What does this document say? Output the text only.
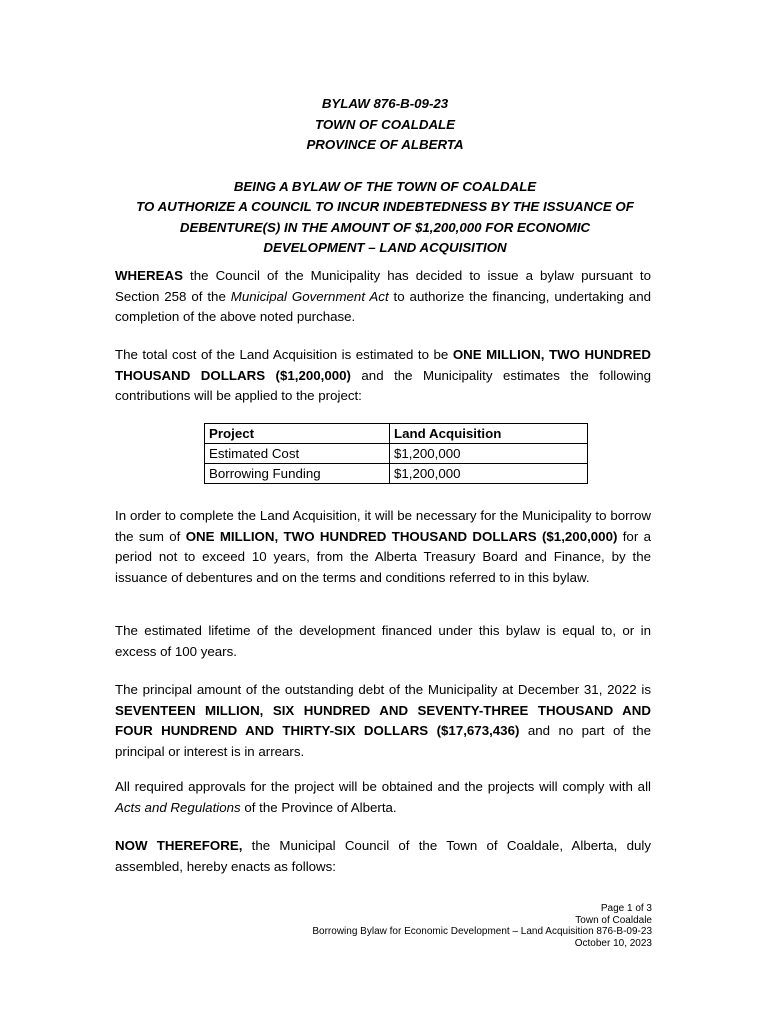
BYLAW 876-B-09-23
TOWN OF COALDALE
PROVINCE OF ALBERTA
BEING A BYLAW OF THE TOWN OF COALDALE
TO AUTHORIZE A COUNCIL TO INCUR INDEBTEDNESS BY THE ISSUANCE OF
DEBENTURE(S) IN THE AMOUNT OF $1,200,000 FOR ECONOMIC
DEVELOPMENT – LAND ACQUISITION
WHEREAS the Council of the Municipality has decided to issue a bylaw pursuant to Section 258 of the Municipal Government Act to authorize the financing, undertaking and completion of the above noted purchase.
The total cost of the Land Acquisition is estimated to be ONE MILLION, TWO HUNDRED THOUSAND DOLLARS ($1,200,000) and the Municipality estimates the following contributions will be applied to the project:
Project	Land Acquisition
Estimated Cost	$1,200,000
Borrowing Funding	$1,200,000
In order to complete the Land Acquisition, it will be necessary for the Municipality to borrow the sum of ONE MILLION, TWO HUNDRED THOUSAND DOLLARS ($1,200,000) for a period not to exceed 10 years, from the Alberta Treasury Board and Finance, by the issuance of debentures and on the terms and conditions referred to in this bylaw.
The estimated lifetime of the development financed under this bylaw is equal to, or in excess of 100 years.
The principal amount of the outstanding debt of the Municipality at December 31, 2022 is SEVENTEEN MILLION, SIX HUNDRED AND SEVENTY-THREE THOUSAND AND FOUR HUNDREND AND THIRTY-SIX DOLLARS ($17,673,436) and no part of the principal or interest is in arrears.
All required approvals for the project will be obtained and the projects will comply with all Acts and Regulations of the Province of Alberta.
NOW THEREFORE, the Municipal Council of the Town of Coaldale, Alberta, duly assembled, hereby enacts as follows:
Page 1 of 3
Town of Coaldale
Borrowing Bylaw for Economic Development – Land Acquisition 876-B-09-23
October 10, 2023
